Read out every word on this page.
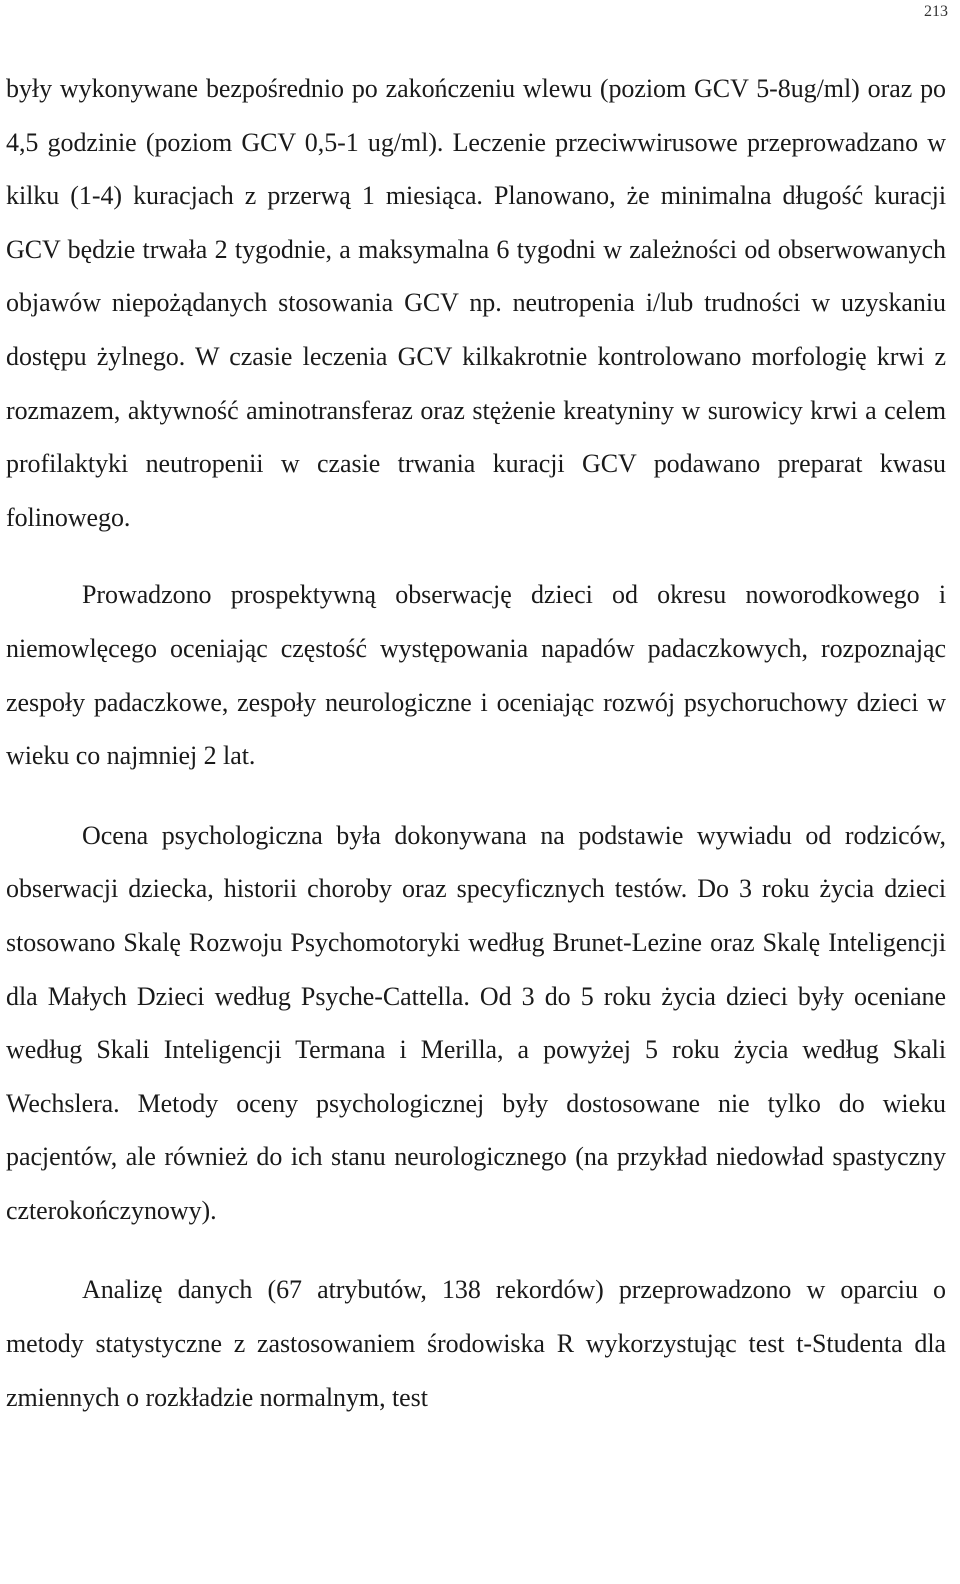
213

były wykonywane bezpośrednio po zakończeniu wlewu (poziom GCV 5-8ug/ml) oraz po 4,5 godzinie (poziom GCV 0,5-1 ug/ml). Leczenie przeciwwirusowe przeprowadzano w kilku (1-4) kuracjach z przerwą 1 miesiąca. Planowano, że minimalna długość kuracji GCV będzie trwała 2 tygodnie, a maksymalna 6 tygodni w zależności od obserwowanych objawów niepożądanych stosowania GCV np. neutropenia i/lub trudności w uzyskaniu dostępu żylnego. W czasie leczenia GCV kilkakrotnie kontrolowano morfologię krwi z rozmazem, aktywność aminotransferaz oraz stężenie kreatyniny w surowicy krwi a celem profilaktyki neutropenii w czasie trwania kuracji GCV podawano preparat kwasu folinowego.

Prowadzono prospektywną obserwację dzieci od okresu noworodkowego i niemowlęcego oceniając częstość występowania napadów padaczkowych, rozpoznając zespoły padaczkowe, zespoły neurologiczne i oceniając rozwój psychoruchowy dzieci w wieku co najmniej 2 lat.

Ocena psychologiczna była dokonywana na podstawie wywiadu od rodziców, obserwacji dziecka, historii choroby oraz specyficznych testów. Do 3 roku życia dzieci stosowano Skalę Rozwoju Psychomotoryki według Brunet-Lezine oraz Skalę Inteligencji dla Małych Dzieci według Psyche-Cattella. Od 3 do 5 roku życia dzieci były oceniane według Skali Inteligencji Termana i Merilla, a powyżej 5 roku życia według Skali Wechslera. Metody oceny psychologicznej były dostosowane nie tylko do wieku pacjentów, ale również do ich stanu neurologicznego (na przykład niedowład spastyczny czterokończynowy).

Analizę danych (67 atrybutów, 138 rekordów) przeprowadzono w oparciu o metody statystyczne z zastosowaniem środowiska R wykorzystując test t-Studenta dla zmiennych o rozkładzie normalnym, test
